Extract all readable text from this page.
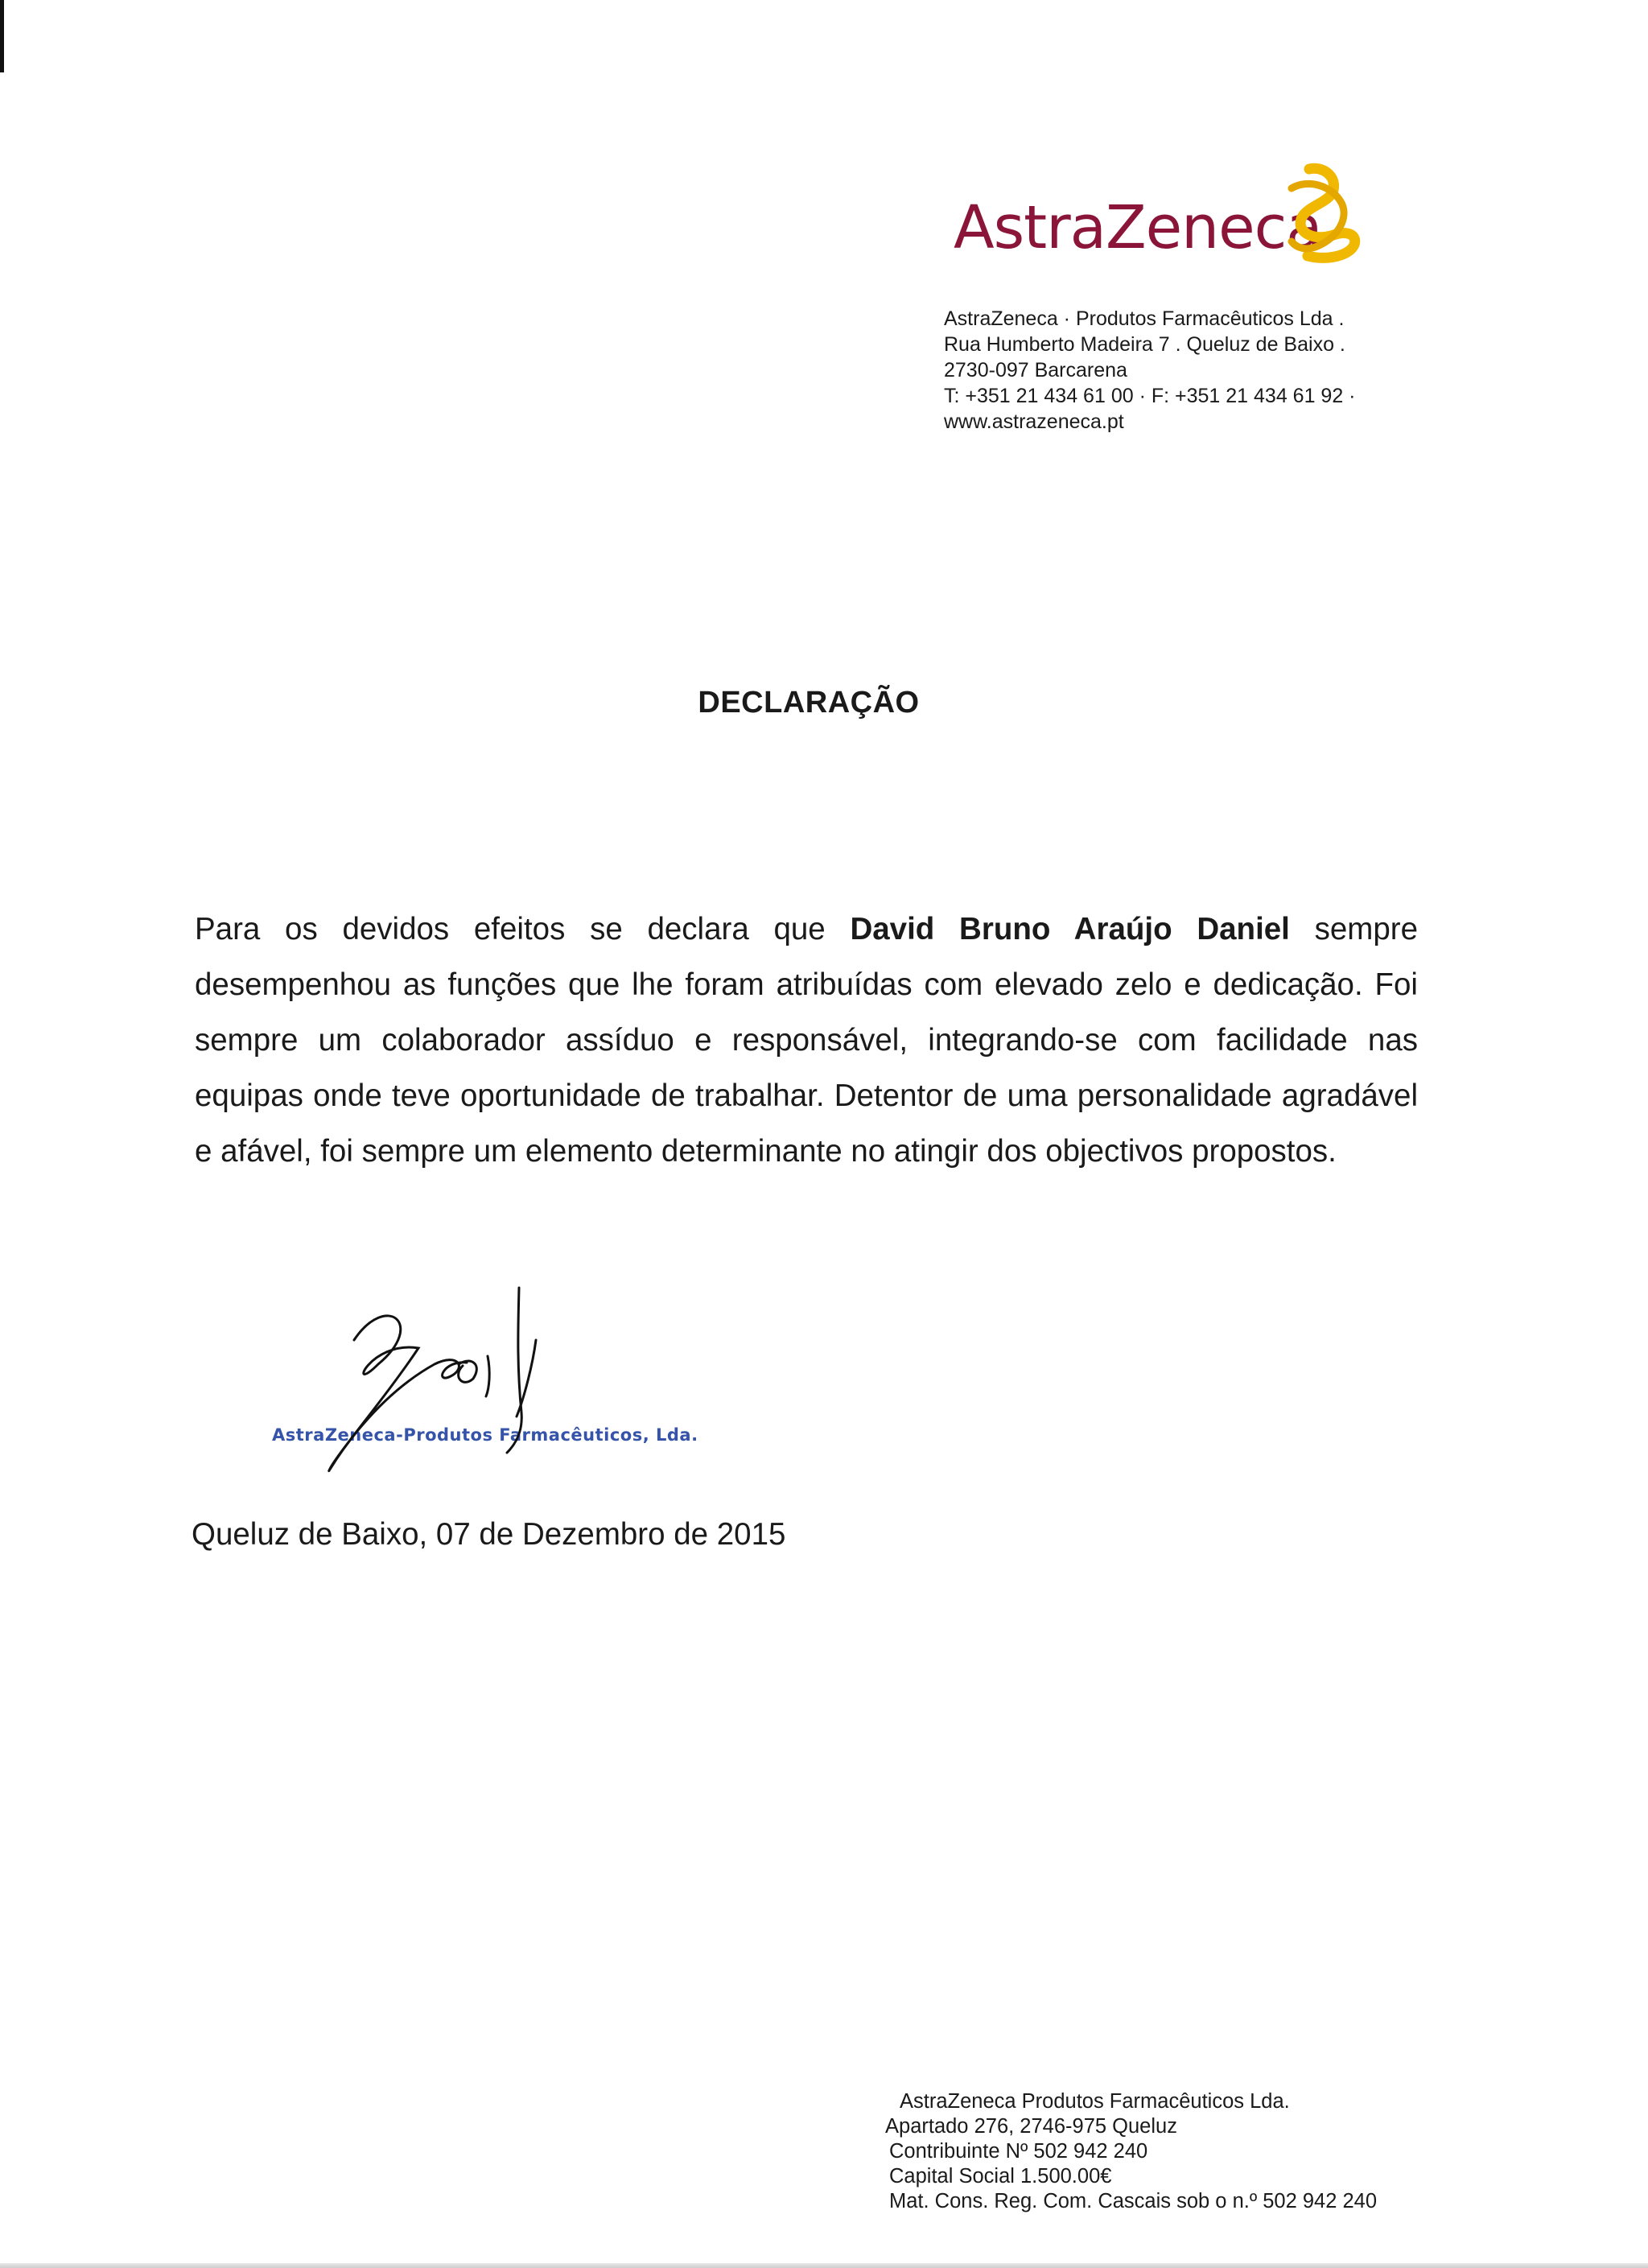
AstraZeneca
AstraZeneca · Produtos Farmacêuticos Lda .
Rua Humberto Madeira 7 . Queluz de Baixo .
2730-097 Barcarena
T: +351 21 434 61 00 · F: +351 21 434 61 92 ·
www.astrazeneca.pt
DECLARAÇÃO
Para os devidos efeitos se declara que David Bruno Araújo Daniel sempre desempenhou as funções que lhe foram atribuídas com elevado zelo e dedicação. Foi sempre um colaborador assíduo e responsável, integrando-se com facilidade nas equipas onde teve oportunidade de trabalhar. Detentor de uma personalidade agradável e afável, foi sempre um elemento determinante no atingir dos objectivos propostos.
AstraZeneca-Produtos Farmacêuticos, Lda.
Queluz de Baixo, 07 de Dezembro de 2015
AstraZeneca Produtos Farmacêuticos Lda.
Apartado 276, 2746-975 Queluz
Contribuinte Nº 502 942 240
Capital Social 1.500.00€
Mat. Cons. Reg. Com. Cascais sob o n.º 502 942 240
